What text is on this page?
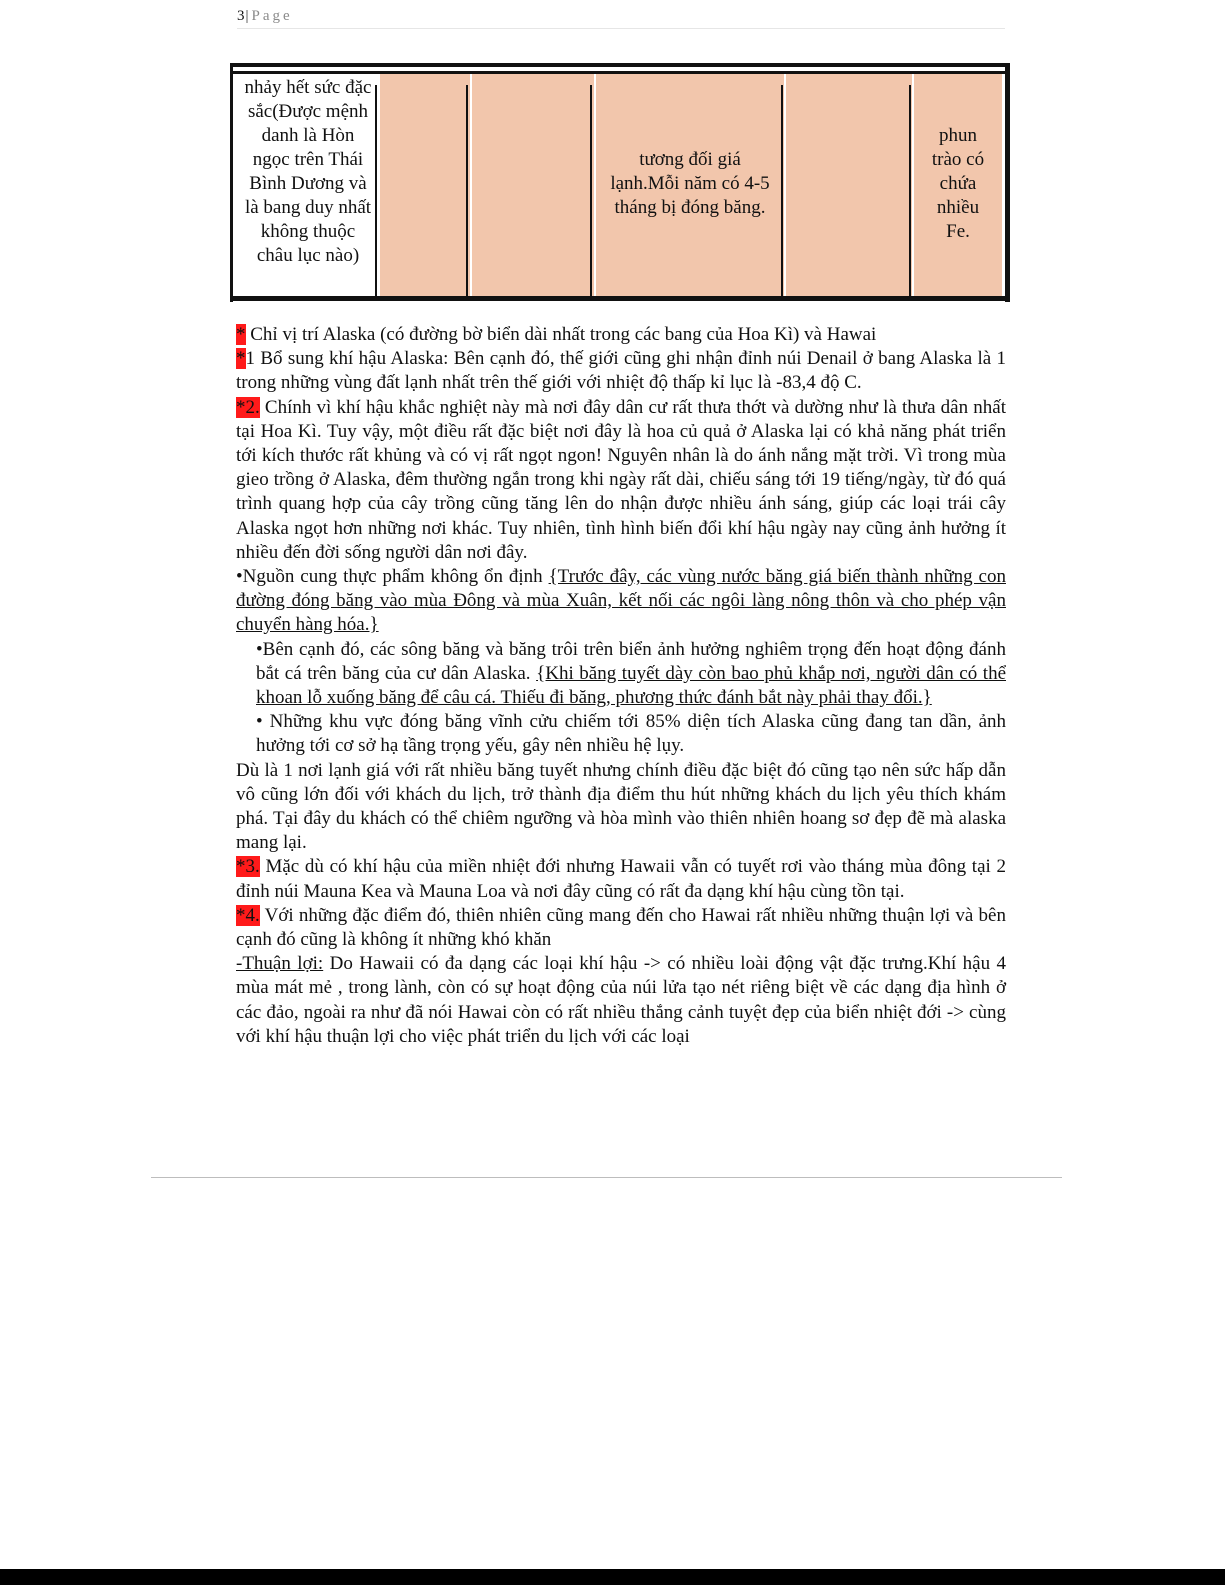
3| Page
nhảy hết sức đặc sắc(Được mệnh danh là Hòn ngọc trên Thái Bình Dương và là bang duy nhất không thuộc châu lục nào)
tương đối giá lạnh.Mỗi năm có 4-5 tháng bị đóng băng.
phun trào có chứa nhiều Fe.

* Chỉ vị trí Alaska (có đường bờ biển dài nhất trong các bang của Hoa Kì) và Hawai

*1 Bổ sung khí hậu Alaska: Bên cạnh đó, thế giới cũng ghi nhận đỉnh núi Denail ở bang Alaska là 1 trong những vùng đất lạnh nhất trên thế giới với nhiệt độ thấp kỉ lục là -83,4 độ C.

*2. Chính vì khí hậu khắc nghiệt này mà nơi đây dân cư rất thưa thớt và dường như là thưa dân nhất tại Hoa Kì. Tuy vậy, một điều rất đặc biệt nơi đây là hoa củ quả ở Alaska lại có khả năng phát triển tới kích thước rất khủng và có vị rất ngọt ngon! Nguyên nhân là do ánh nắng mặt trời. Vì trong mùa gieo trồng ở Alaska, đêm thường ngắn trong khi ngày rất dài, chiếu sáng tới 19 tiếng/ngày, từ đó quá trình quang hợp của cây trồng cũng tăng lên do nhận được nhiều ánh sáng, giúp các loại trái cây Alaska ngọt hơn những nơi khác. Tuy nhiên, tình hình biến đổi khí hậu ngày nay cũng ảnh hưởng ít nhiều đến đời sống người dân nơi đây.

•Nguồn cung thực phẩm không ổn định {Trước đây, các vùng nước băng giá biến thành những con đường đóng băng vào mùa Đông và mùa Xuân, kết nối các ngôi làng nông thôn và cho phép vận chuyển hàng hóa.}

•Bên cạnh đó, các sông băng và băng trôi trên biển ảnh hưởng nghiêm trọng đến hoạt động đánh bắt cá trên băng của cư dân Alaska. {Khi băng tuyết dày còn bao phủ khắp nơi, người dân có thể khoan lỗ xuống băng để câu cá. Thiếu đi băng, phương thức đánh bắt này phải thay đổi.}

• Những khu vực đóng băng vĩnh cửu chiếm tới 85% diện tích Alaska cũng đang tan dần, ảnh hưởng tới cơ sở hạ tầng trọng yếu, gây nên nhiều hệ lụy.

Dù là 1 nơi lạnh giá với rất nhiều băng tuyết nhưng chính điều đặc biệt đó cũng tạo nên sức hấp dẫn vô cũng lớn đối với khách du lịch, trở thành địa điểm thu hút những khách du lịch yêu thích khám phá. Tại đây du khách có thể chiêm ngưỡng và hòa mình vào thiên nhiên hoang sơ đẹp đẽ mà alaska mang lại.

*3. Mặc dù có khí hậu của miền nhiệt đới nhưng Hawaii vẫn có tuyết rơi vào tháng mùa đông tại 2 đỉnh núi Mauna Kea và Mauna Loa và nơi đây cũng có rất đa dạng khí hậu cùng tồn tại.

*4. Với những đặc điểm đó, thiên nhiên cũng mang đến cho Hawai rất nhiều những thuận lợi và bên cạnh đó cũng là không ít những khó khăn

-Thuận lợi: Do Hawaii có đa dạng các loại khí hậu -> có nhiều loài động vật đặc trưng.Khí hậu 4 mùa mát mẻ , trong lành, còn có sự hoạt động của núi lửa tạo nét riêng biệt về các dạng địa hình ở các đảo, ngoài ra như đã nói Hawai còn có rất nhiều thắng cảnh tuyệt đẹp của biển nhiệt đới -> cùng với khí hậu thuận lợi cho việc phát triển du lịch với các loại
